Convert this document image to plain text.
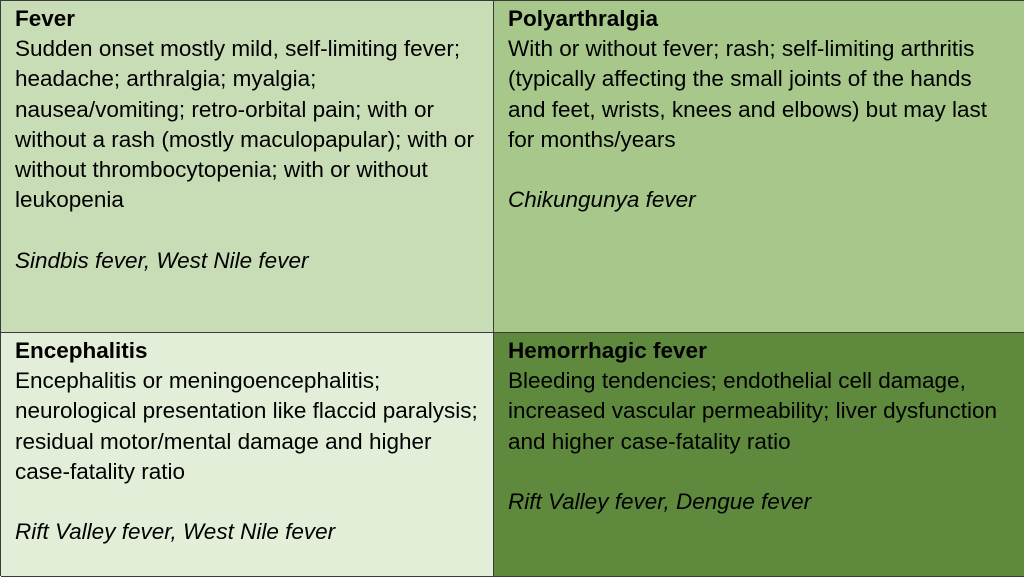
Fever
Sudden onset mostly mild, self-limiting fever; headache; arthralgia; myalgia; nausea/vomiting; retro-orbital pain; with or without a rash (mostly maculopapular); with or without thrombocytopenia; with or without leukopenia
Sindbis fever, West Nile fever
Polyarthralgia
With or without fever; rash; self-limiting arthritis (typically affecting the small joints of the hands and feet, wrists, knees and elbows) but may last for months/years
Chikungunya fever
Encephalitis
Encephalitis or meningoencephalitis; neurological presentation like flaccid paralysis; residual motor/mental damage and higher case-fatality ratio
Rift Valley fever, West Nile fever
Hemorrhagic fever
Bleeding tendencies; endothelial cell damage, increased vascular permeability; liver dysfunction and higher case-fatality ratio
Rift Valley fever, Dengue fever
